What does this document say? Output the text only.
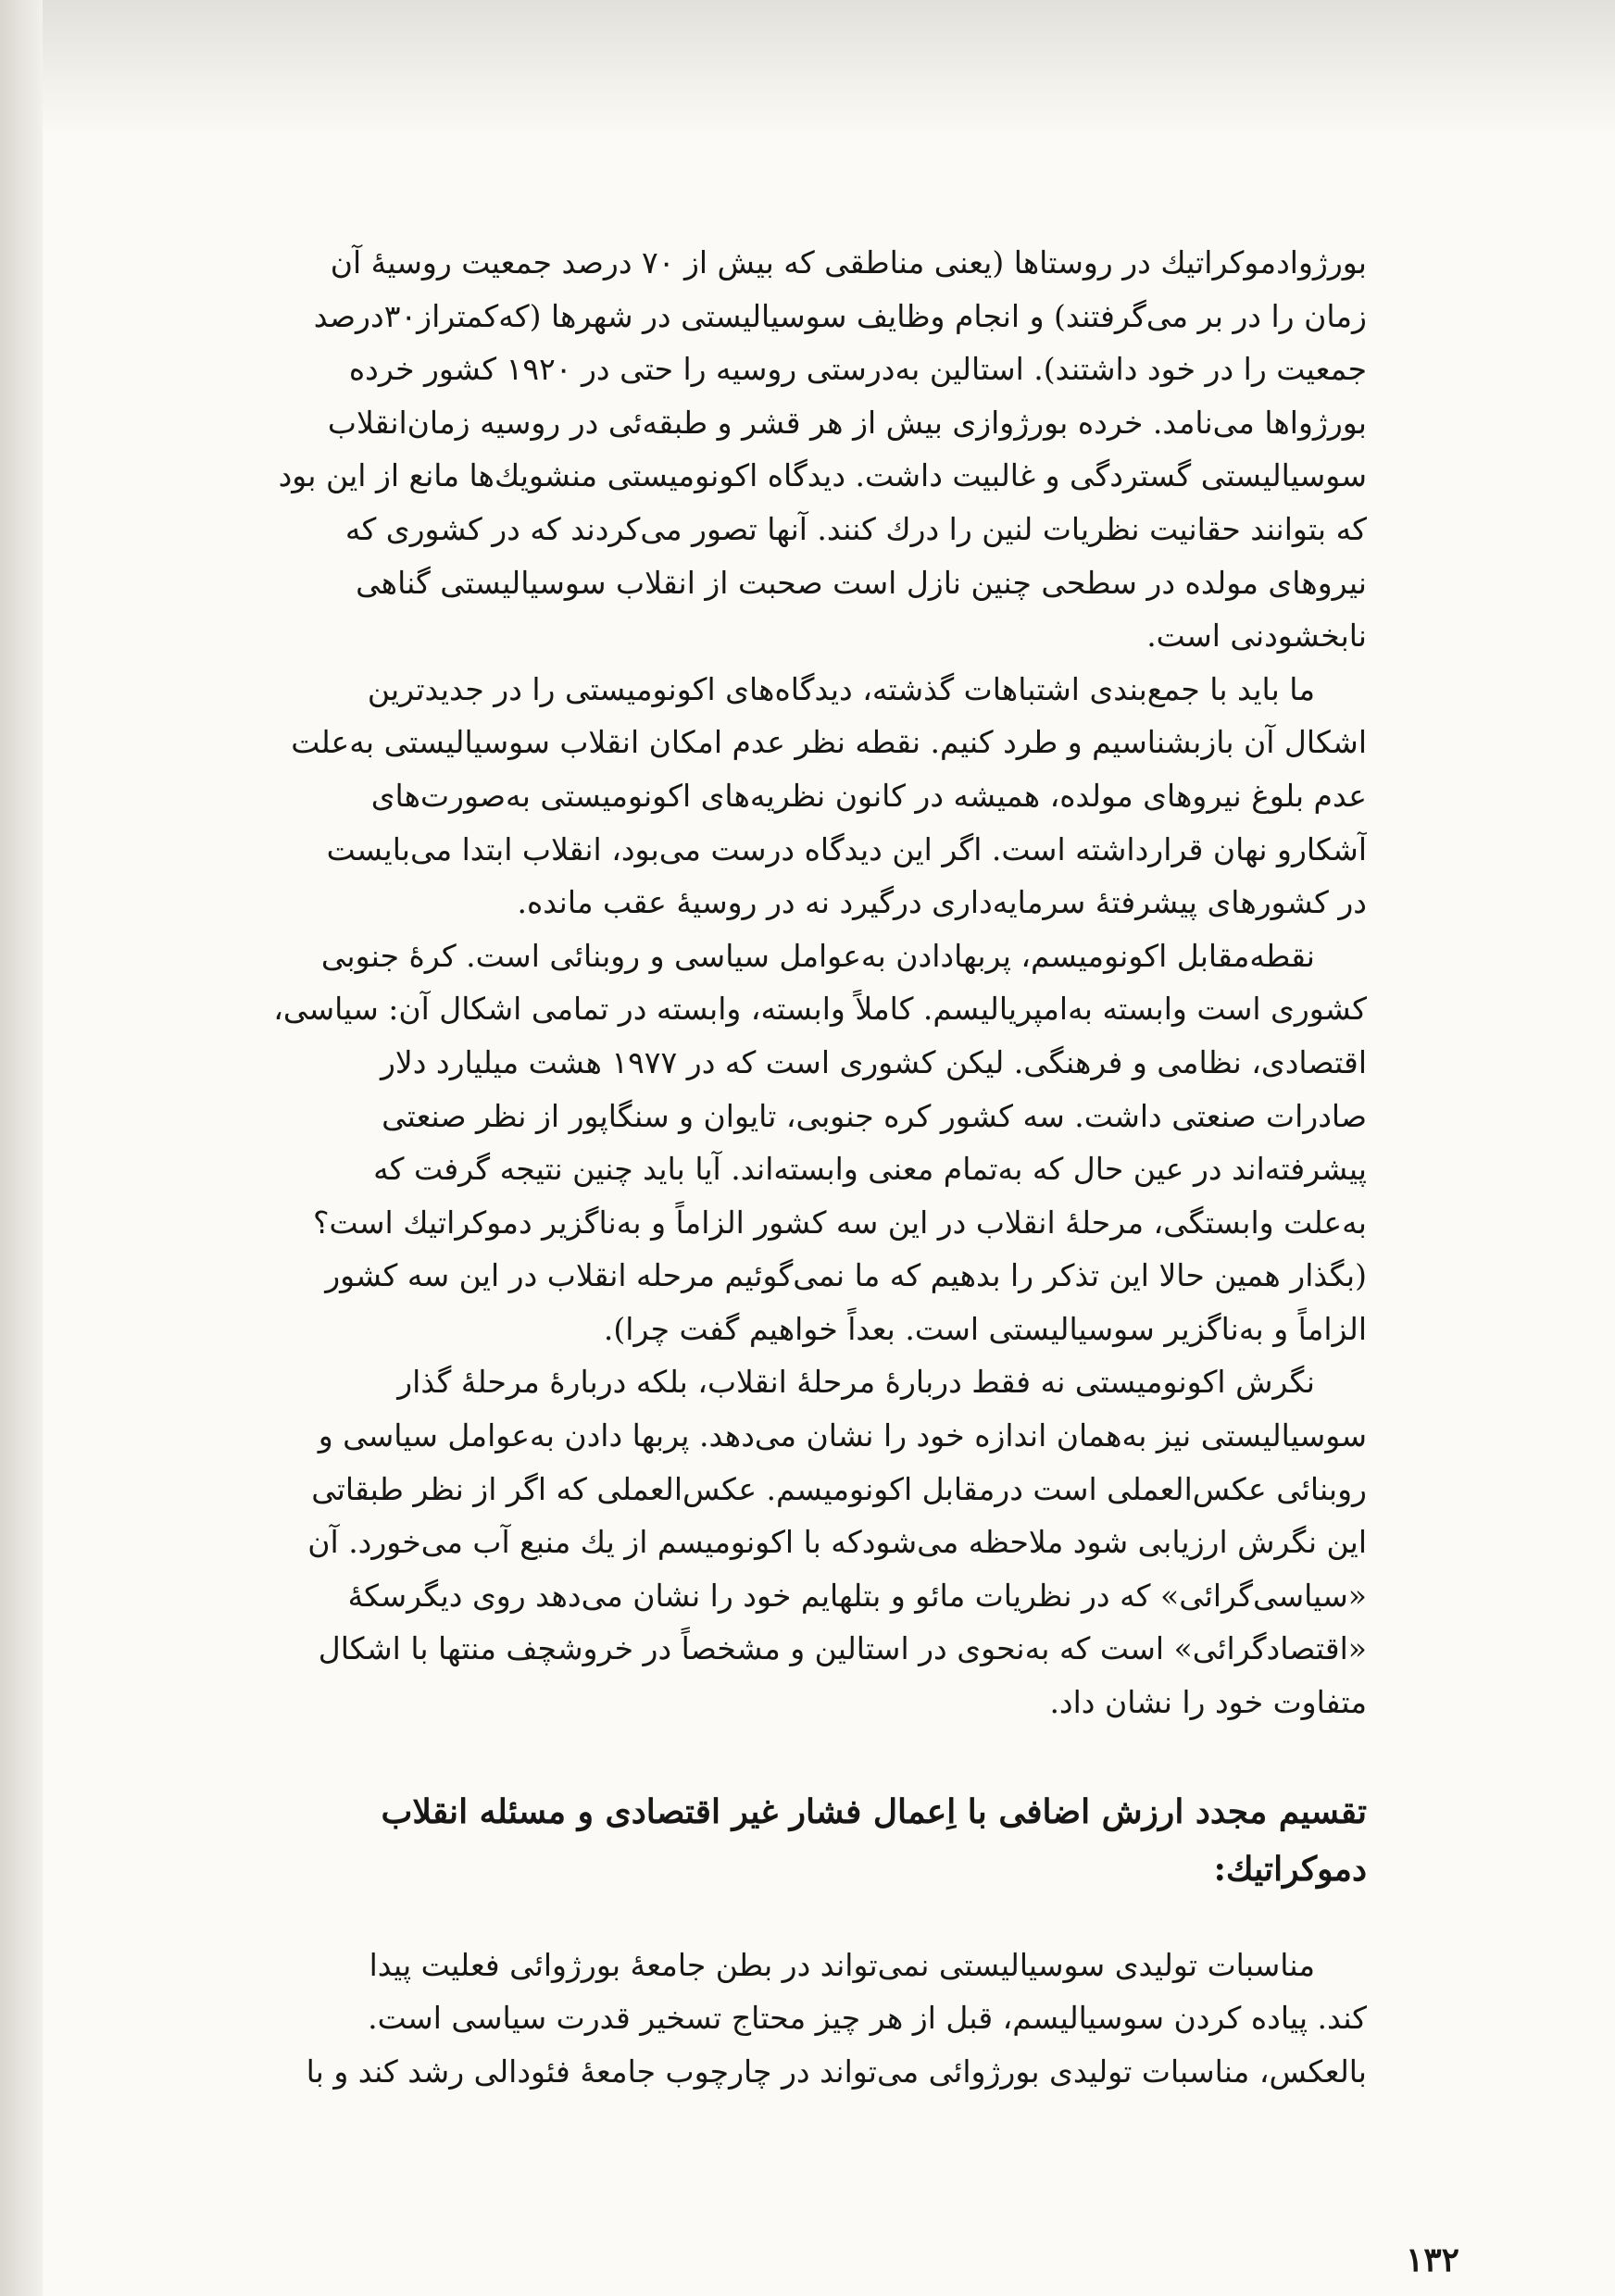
بورژوادموکراتیك در روستاها (یعنی مناطقی که بیش از ۷۰ درصد جمعیت روسیهٔ آن
زمان را در بر می‌گرفتند) و انجام وظایف سوسیالیستی در شهرها (که‌کمتراز۳۰درصد
جمعیت را در خود داشتند). استالین به‌درستی روسیه را حتی در ۱۹۲۰ کشور خرده
بورژواها می‌نامد. خرده بورژوازی بیش از هر قشر و طبقه‌ئی در روسیه زمان‌انقلاب
سوسیالیستی گستردگی و غالبیت داشت. دیدگاه اکونومیستی منشویك‌ها مانع از این بود
که بتوانند حقانیت نظریات لنین را درك کنند. آنها تصور می‌کردند که در کشوری که
نیروهای مولده در سطحی چنین نازل است صحبت از انقلاب سوسیالیستی گناهی
نابخشودنی است.
ما باید با جمع‌بندی اشتباهات گذشته، دیدگاه‌های اکونومیستی را در جدیدترین
اشکال آن بازبشناسیم و طرد کنیم. نقطه نظر عدم امکان انقلاب سوسیالیستی به‌علت
عدم بلوغ نیروهای مولده، همیشه در کانون نظریه‌های اکونومیستی به‌صورت‌های
آشکارو نهان قرارداشته است. اگر این دیدگاه درست می‌بود، انقلاب ابتدا می‌بایست
در کشورهای پیشرفتهٔ سرمایه‌داری درگیرد نه در روسیهٔ عقب مانده.
نقطه‌مقابل اکونومیسم، پربهادادن به‌عوامل سیاسی و روبنائی است. کرهٔ جنوبی
کشوری است وابسته به‌امپریالیسم. کاملاً وابسته، وابسته در تمامی اشکال آن: سیاسی،
اقتصادی، نظامی و فرهنگی. لیکن کشوری است که در ۱۹۷۷ هشت میلیارد دلار
صادرات صنعتی داشت. سه کشور کره جنوبی، تایوان و سنگاپور از نظر صنعتی
پیشرفته‌اند در عین حال که به‌تمام معنی وابسته‌اند. آیا باید چنین نتیجه گرفت که
به‌علت وابستگی، مرحلهٔ انقلاب در این سه کشور الزاماً و به‌ناگزیر دموکراتیك است؟
(بگذار همین حالا این تذکر را بدهیم که ما نمی‌گوئیم مرحله انقلاب در این سه کشور
الزاماً و به‌ناگزیر سوسیالیستی است. بعداً خواهیم گفت چرا).
نگرش اکونومیستی نه فقط دربارهٔ مرحلهٔ انقلاب، بلکه دربارهٔ مرحلهٔ گذار
سوسیالیستی نیز به‌همان اندازه خود را نشان می‌دهد. پربها دادن به‌عوامل سیاسی و
روبنائی عکس‌العملی است درمقابل اکونومیسم. عکس‌العملی که اگر از نظر طبقاتی
این نگرش ارزیابی شود ملاحظه می‌شودکه با اکونومیسم از یك منبع آب می‌خورد. آن
«سیاسی‌گرائی» که در نظریات مائو و بتلهایم خود را نشان می‌دهد روی دیگرسکهٔ
«اقتصادگرائی» است که به‌نحوی در استالین و مشخصاً در خروشچف منتها با اشکال
متفاوت خود را نشان داد.
تقسیم مجدد ارزش اضافی با اِعمال فشار غیر اقتصادی و مسئله انقلاب
دموکراتیك:
مناسبات تولیدی سوسیالیستی نمی‌تواند در بطن جامعهٔ بورژوائی فعلیت پیدا
کند. پیاده کردن سوسیالیسم، قبل از هر چیز محتاج تسخیر قدرت سیاسی است.
بالعکس، مناسبات تولیدی بورژوائی می‌تواند در چارچوب جامعهٔ فئودالی رشد کند و با
۱۳۲
